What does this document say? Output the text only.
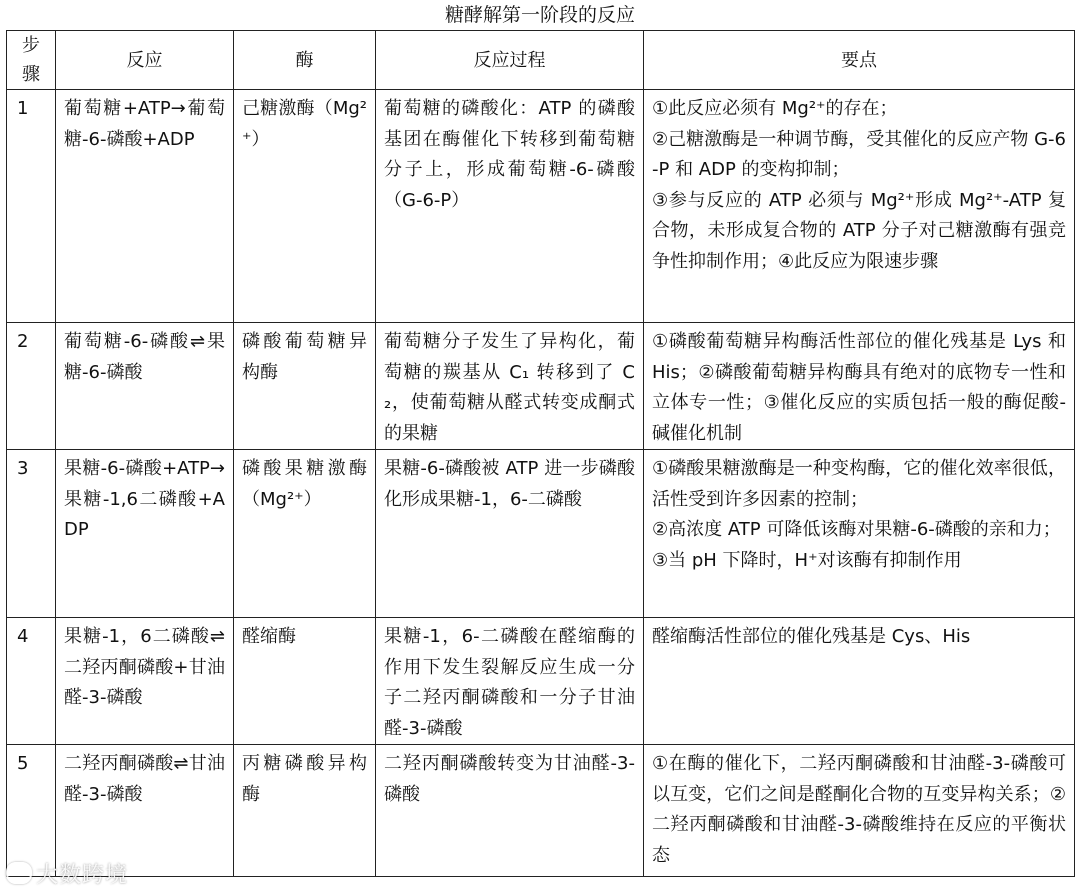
糖酵解第一阶段的反应
步骤	反应	酶	反应过程	要点
1	葡萄糖+ATP→葡萄糖-6-磷酸+ADP	己糖激酶（Mg²⁺）	葡萄糖的磷酸化：ATP 的磷酸基团在酶催化下转移到葡萄糖分子上，形成葡萄糖-6-磷酸（G-6-P）	①此反应必须有 Mg²⁺的存在；
②己糖激酶是一种调节酶，受其催化的反应产物 G-6-P 和 ADP 的变构抑制；
③参与反应的 ATP 必须与 Mg²⁺形成 Mg²⁺-ATP 复合物，未形成复合物的 ATP 分子对己糖激酶有强竞争性抑制作用；④此反应为限速步骤

2	葡萄糖-6-磷酸⇌果糖-6-磷酸	磷酸葡萄糖异构酶	葡萄糖分子发生了异构化，葡萄糖的羰基从 C₁ 转移到了 C₂，使葡萄糖从醛式转变成酮式的果糖	①磷酸葡萄糖异构酶活性部位的催化残基是 Lys 和 His；②磷酸葡萄糖异构酶具有绝对的底物专一性和立体专一性；③催化反应的实质包括一般的酶促酸-碱催化机制

3	果糖-6-磷酸+ATP→果糖-1,6二磷酸+ADP	磷酸果糖激酶（Mg²⁺）	果糖-6-磷酸被 ATP 进一步磷酸化形成果糖-1，6-二磷酸	①磷酸果糖激酶是一种变构酶，它的催化效率很低，活性受到许多因素的控制；
②高浓度 ATP 可降低该酶对果糖-6-磷酸的亲和力；
③当 pH 下降时，H⁺对该酶有抑制作用

4	果糖-1，6二磷酸⇌二羟丙酮磷酸+甘油醛-3-磷酸	醛缩酶	果糖-1，6-二磷酸在醛缩酶的作用下发生裂解反应生成一分子二羟丙酮磷酸和一分子甘油醛-3-磷酸	醛缩酶活性部位的催化残基是 Cys、His

5	二羟丙酮磷酸⇌甘油醛-3-磷酸	丙糖磷酸异构酶	二羟丙酮磷酸转变为甘油醛-3-磷酸	①在酶的催化下，二羟丙酮磷酸和甘油醛-3-磷酸可以互变，它们之间是醛酮化合物的互变异构关系；②二羟丙酮磷酸和甘油醛-3-磷酸维持在反应的平衡状态
大数跨境
